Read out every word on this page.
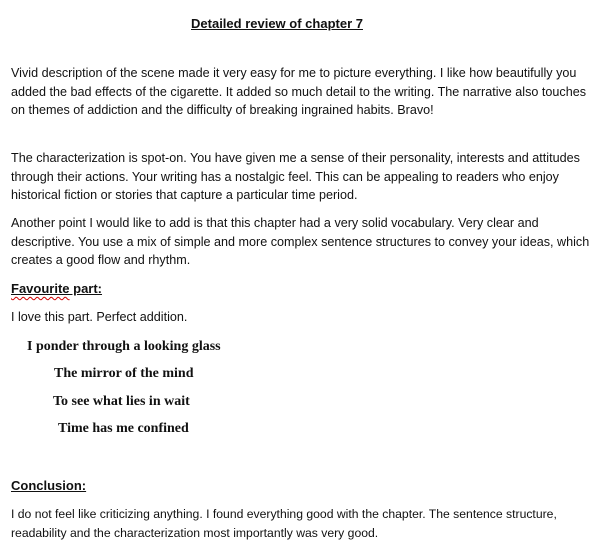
Detailed review of chapter 7

Vivid description of the scene made it very easy for me to picture everything. I like how beautifully you added the bad effects of the cigarette. It added so much detail to the writing. The narrative also touches on themes of addiction and the difficulty of breaking ingrained habits. Bravo!

The characterization is spot-on. You have given me a sense of their personality, interests and attitudes through their actions. Your writing has a nostalgic feel. This can be appealing to readers who enjoy historical fiction or stories that capture a particular time period.

Another point I would like to add is that this chapter had a very solid vocabulary. Very clear and descriptive. You use a mix of simple and more complex sentence structures to convey your ideas, which creates a good flow and rhythm.

Favourite part:

I love this part. Perfect addition.

I ponder through a looking glass
The mirror of the mind
To see what lies in wait
Time has me confined
Conclusion:

I do not feel like criticizing anything. I found everything good with the chapter. The sentence structure, readability and the characterization most importantly was very good.
